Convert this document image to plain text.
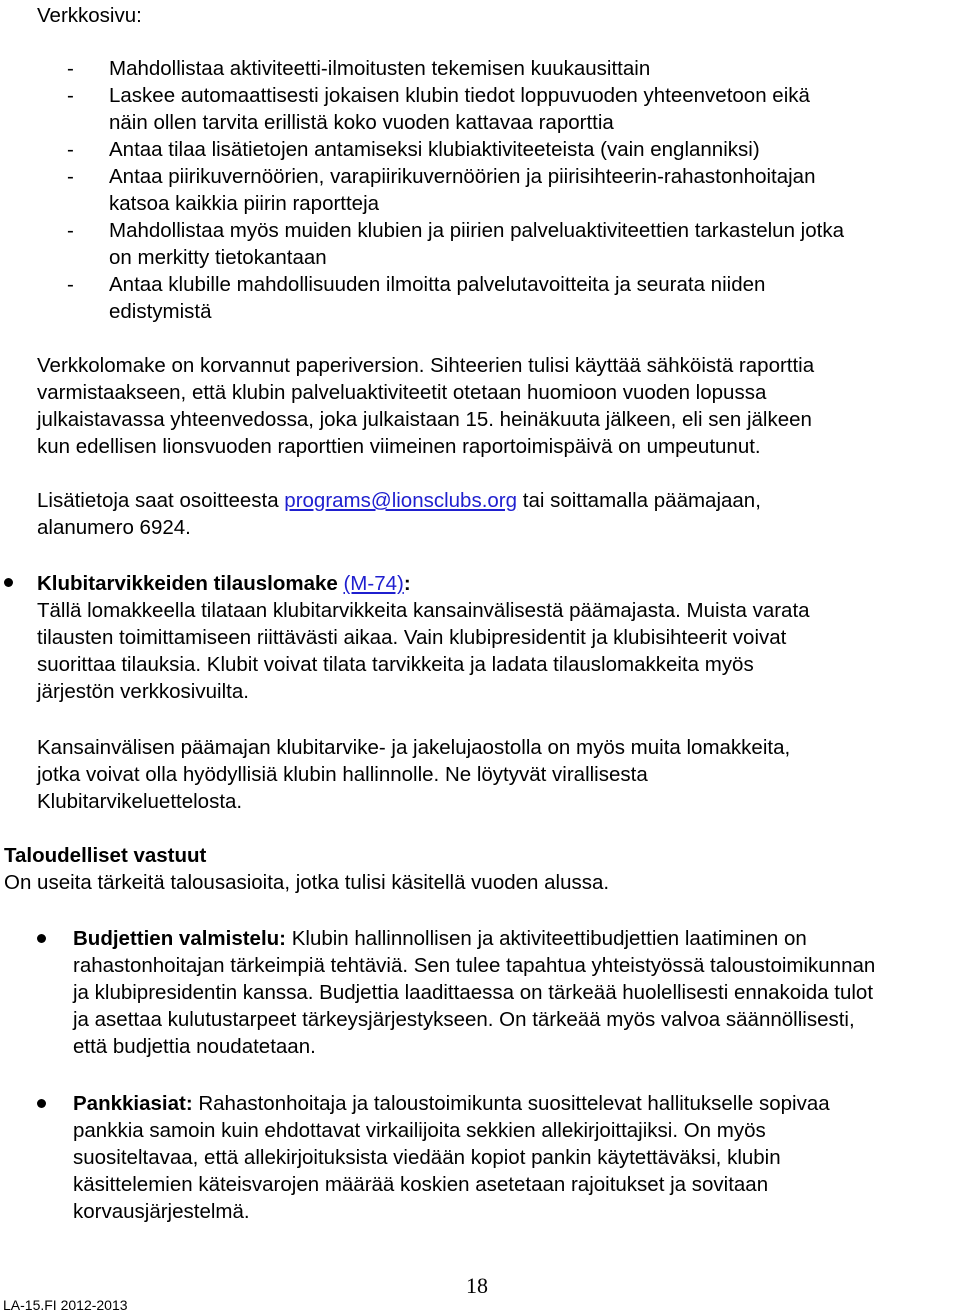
Verkkosivu:
- Mahdollistaa aktiviteetti-ilmoitusten tekemisen kuukausittain
- Laskee automaattisesti jokaisen klubin tiedot loppuvuoden yhteenvetoon eikä
näin ollen tarvita erillistä koko vuoden kattavaa raporttia
- Antaa tilaa lisätietojen antamiseksi klubiaktiviteeteista (vain englanniksi)
- Antaa piirikuvernöörien, varapiirikuvernöörien ja piirisihteerin-rahastonhoitajan
katsoa kaikkia piirin raportteja
- Mahdollistaa myös muiden klubien ja piirien palveluaktiviteettien tarkastelun jotka
on merkitty tietokantaan
- Antaa klubille mahdollisuuden ilmoitta palvelutavoitteita ja seurata niiden
edistymistä
Verkkolomake on korvannut paperiversion. Sihteerien tulisi käyttää sähköistä raporttia
varmistaakseen, että klubin palveluaktiviteetit otetaan huomioon vuoden lopussa
julkaistavassa yhteenvedossa, joka julkaistaan 15. heinäkuuta jälkeen, eli sen jälkeen
kun edellisen lionsvuoden raporttien viimeinen raportoimispäivä on umpeutunut.
Lisätietoja saat osoitteesta programs@lionsclubs.org tai soittamalla päämajaan,
alanumero 6924.
Klubitarvikkeiden tilauslomake (M-74):
Tällä lomakkeella tilataan klubitarvikkeita kansainvälisestä päämajasta. Muista varata
tilausten toimittamiseen riittävästi aikaa. Vain klubipresidentit ja klubisihteerit voivat
suorittaa tilauksia. Klubit voivat tilata tarvikkeita ja ladata tilauslomakkeita myös
järjestön verkkosivuilta.
Kansainvälisen päämajan klubitarvike- ja jakelujaostolla on myös muita lomakkeita,
jotka voivat olla hyödyllisiä klubin hallinnolle. Ne löytyvät virallisesta
Klubitarvikeluettelosta.
Taloudelliset vastuut
On useita tärkeitä talousasioita, jotka tulisi käsitellä vuoden alussa.
Budjettien valmistelu: Klubin hallinnollisen ja aktiviteettibudjettien laatiminen on
rahastonhoitajan tärkeimpiä tehtäviä. Sen tulee tapahtua yhteistyössä taloustoimikunnan
ja klubipresidentin kanssa. Budjettia laadittaessa on tärkeää huolellisesti ennakoida tulot
ja asettaa kulutustarpeet tärkeysjärjestykseen. On tärkeää myös valvoa säännöllisesti,
että budjettia noudatetaan.
Pankkiasiat: Rahastonhoitaja ja taloustoimikunta suosittelevat hallitukselle sopivaa
pankkia samoin kuin ehdottavat virkailijoita sekkien allekirjoittajiksi. On myös
suositeltavaa, että allekirjoituksista viedään kopiot pankin käytettäväksi, klubin
käsittelemien käteisvarojen määrää koskien asetetaan rajoitukset ja sovitaan
korvausjärjestelmä.
18
LA-15.FI 2012-2013
